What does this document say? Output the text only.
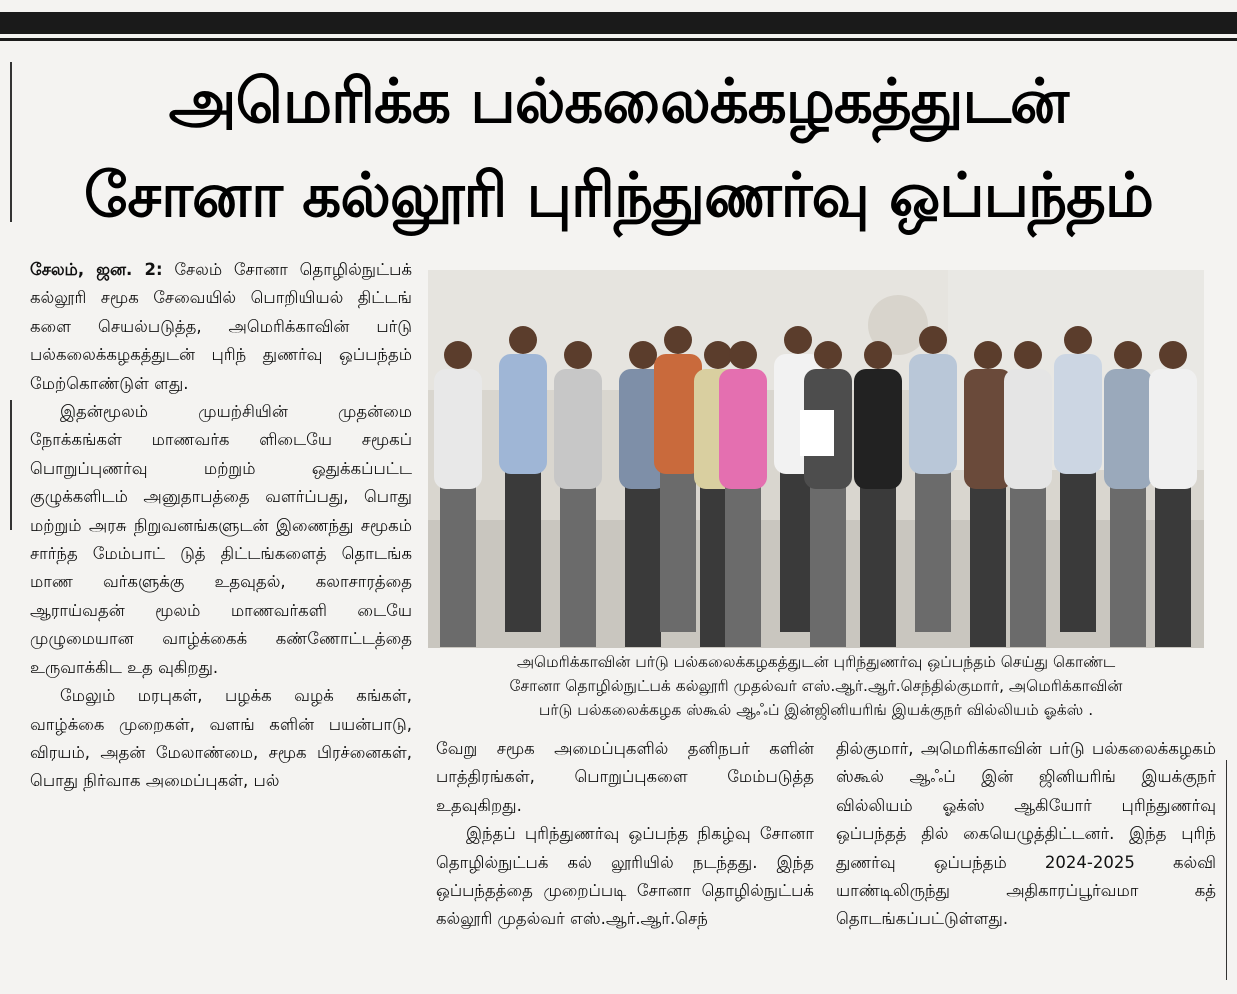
அமெரிக்க பல்கலைக்கழகத்துடன்
சோனா கல்லூரி புரிந்துணர்வு ஒப்பந்தம்

சேலம், ஜன. 2: சேலம் சோனா தொழில்நுட்பக் கல்லூரி சமூக சேவையில் பொறியியல் திட்டங் களை செயல்படுத்த, அமெரிக்காவின் பர்டு பல்கலைக்கழகத்துடன் புரிந் துணர்வு ஒப்பந்தம் மேற்கொண்டுள் ளது.

இதன்மூலம் முயற்சியின் முதன்மை நோக்கங்கள் மாணவர்க ளிடையே சமூகப் பொறுப்புணர்வு மற்றும் ஒதுக்கப்பட்ட குழுக்களிடம் அனுதாபத்தை வளர்ப்பது, பொது மற்றும் அரசு நிறுவனங்களுடன் இணைந்து சமூகம் சார்ந்த மேம்பாட் டுத் திட்டங்களைத் தொடங்க மாண வர்களுக்கு உதவுதல், கலாசாரத்தை ஆராய்வதன் மூலம் மாணவர்களி டையே முழுமையான வாழ்க்கைக் கண்ணோட்டத்தை உருவாக்கிட உத வுகிறது.

மேலும் மரபுகள், பழக்க வழக் கங்கள், வாழ்க்கை முறைகள், வளங் களின் பயன்பாடு, விரயம், அதன் மேலாண்மை, சமூக பிரச்னைகள், பொது நிர்வாக அமைப்புகள், பல்

அமெரிக்காவின் பர்டு பல்கலைக்கழகத்துடன் புரிந்துணர்வு ஒப்பந்தம் செய்து கொண்ட
சோனா தொழில்நுட்பக் கல்லூரி முதல்வர் எஸ்.ஆர்.ஆர்.செந்தில்குமார், அமெரிக்காவின்
பர்டு பல்கலைக்கழக ஸ்கூல் ஆஃப் இன்ஜினியரிங் இயக்குநர் வில்லியம் ஓக்ஸ் .

வேறு சமூக அமைப்புகளில் தனிநபர் களின் பாத்திரங்கள், பொறுப்புகளை மேம்படுத்த உதவுகிறது.

இந்தப் புரிந்துணர்வு ஒப்பந்த நிகழ்வு சோனா தொழில்நுட்பக் கல் லூரியில் நடந்தது. இந்த ஒப்பந்தத்தை முறைப்படி சோனா தொழில்நுட்பக் கல்லூரி முதல்வர் எஸ்.ஆர்.ஆர்.செந்

தில்குமார், அமெரிக்காவின் பர்டு பல்கலைக்கழகம் ஸ்கூல் ஆஃப் இன் ஜினியரிங் இயக்குநர் வில்லியம் ஓக்ஸ் ஆகியோர் புரிந்துணர்வு ஒப்பந்தத் தில் கையெழுத்திட்டனர். இந்த புரிந் துணர்வு ஒப்பந்தம் 2024-2025 கல்வி யாண்டிலிருந்து அதிகாரப்பூர்வமா கத் தொடங்கப்பட்டுள்ளது.
